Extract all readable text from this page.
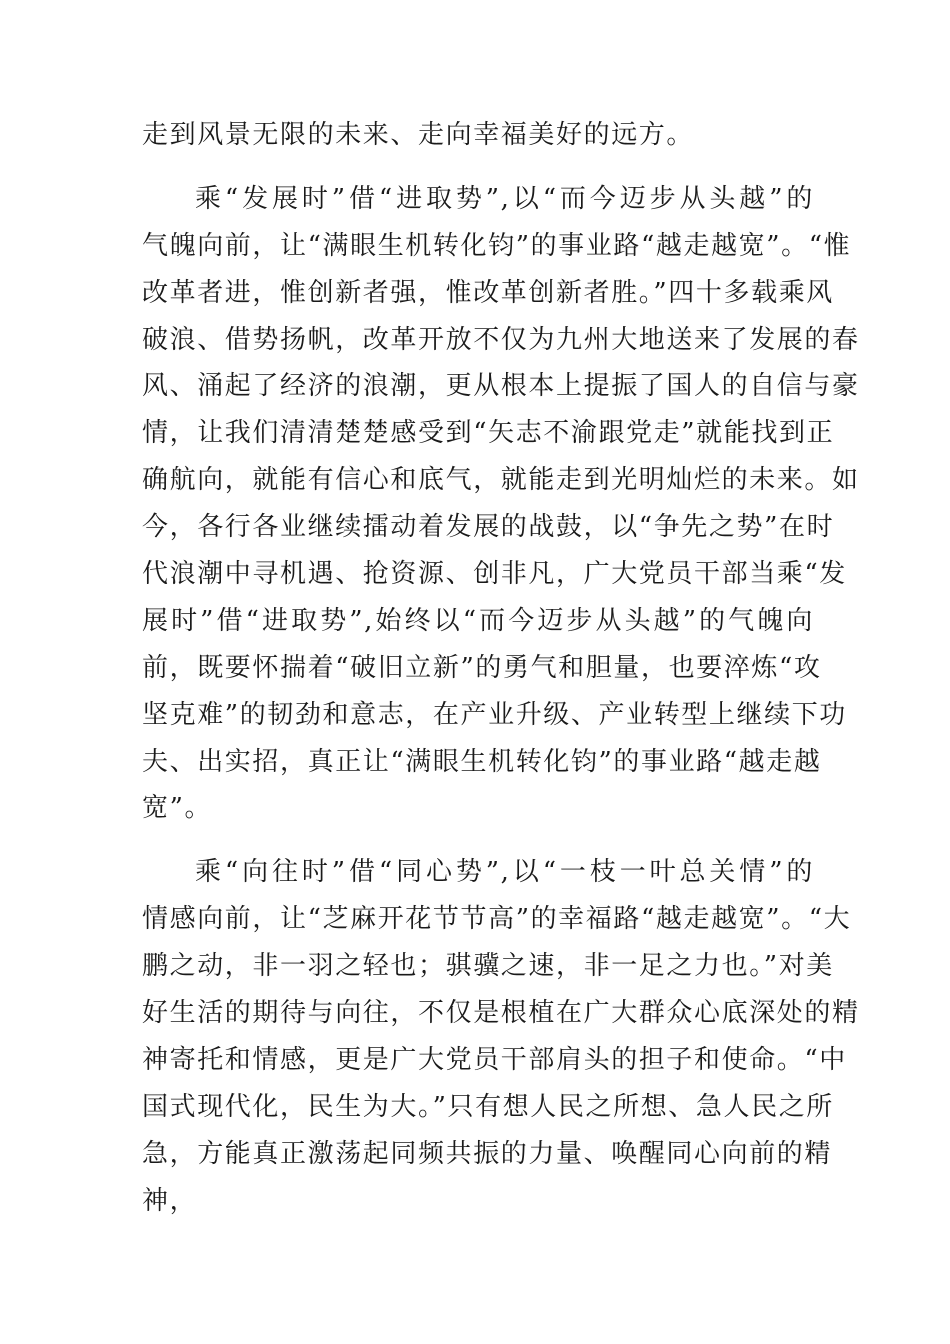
走到风景无限的未来、走向幸福美好的远方。
乘“发展时”借“进取势”,以“而今迈步从头越”的
气魄向前，让“满眼生机转化钧”的事业路“越走越宽”。“惟
改革者进，惟创新者强，惟改革创新者胜。”四十多载乘风
破浪、借势扬帆，改革开放不仅为九州大地送来了发展的春
风、涌起了经济的浪潮，更从根本上提振了国人的自信与豪
情，让我们清清楚楚感受到“矢志不渝跟党走”就能找到正
确航向，就能有信心和底气，就能走到光明灿烂的未来。如
今，各行各业继续擂动着发展的战鼓，以“争先之势”在时
代浪潮中寻机遇、抢资源、创非凡，广大党员干部当乘“发
展时”借“进取势”,始终以“而今迈步从头越”的气魄向
前，既要怀揣着“破旧立新”的勇气和胆量，也要淬炼“攻
坚克难”的韧劲和意志，在产业升级、产业转型上继续下功
夫、出实招，真正让“满眼生机转化钧”的事业路“越走越
宽”。
乘“向往时”借“同心势”,以“一枝一叶总关情”的
情感向前，让“芝麻开花节节高”的幸福路“越走越宽”。“大
鹏之动，非一羽之轻也；骐骥之速，非一足之力也。”对美
好生活的期待与向往，不仅是根植在广大群众心底深处的精
神寄托和情感，更是广大党员干部肩头的担子和使命。“中
国式现代化，民生为大。”只有想人民之所想、急人民之所
急，方能真正激荡起同频共振的力量、唤醒同心向前的精
神，
